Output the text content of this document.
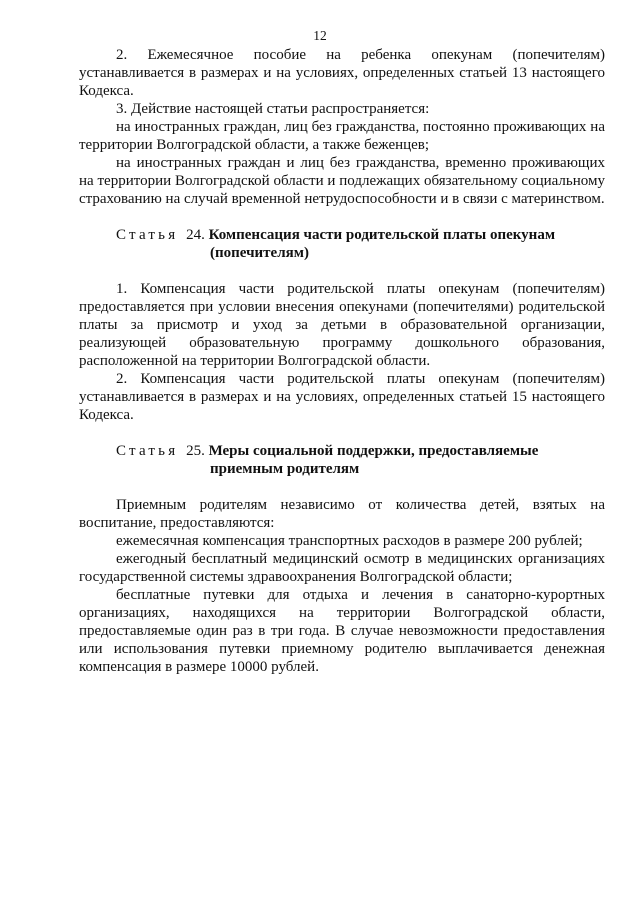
12

2. Ежемесячное пособие на ребенка опекунам (попечителям) устанавливается в размерах и на условиях, определенных статьей 13 настоящего Кодекса.

3. Действие настоящей статьи распространяется:

на иностранных граждан, лиц без гражданства, постоянно проживающих на территории Волгоградской области, а также беженцев;

на иностранных граждан и лиц без гражданства, временно проживающих на территории Волгоградской области и подлежащих обязательному социальному страхованию на случай временной нетрудоспособности и в связи с материнством.

Статья 24. Компенсация части родительской платы опекунам
(попечителям)

1. Компенсация части родительской платы опекунам (попечителям) предоставляется при условии внесения опекунами (попечителями) родительской платы за присмотр и уход за детьми в образовательной организации, реализующей образовательную программу дошкольного образования, расположенной на территории Волгоградской области.

2. Компенсация части родительской платы опекунам (попечителям) устанавливается в размерах и на условиях, определенных статьей 15 настоящего Кодекса.

Статья 25. Меры социальной поддержки, предоставляемые
приемным родителям

Приемным родителям независимо от количества детей, взятых на воспитание, предоставляются:

ежемесячная компенсация транспортных расходов в размере 200 рублей;

ежегодный бесплатный медицинский осмотр в медицинских организациях государственной системы здравоохранения Волгоградской области;

бесплатные путевки для отдыха и лечения в санаторно-курортных организациях, находящихся на территории Волгоградской области, предоставляемые один раз в три года. В случае невозможности предоставления или использования путевки приемному родителю выплачивается денежная компенсация в размере 10000 рублей.
